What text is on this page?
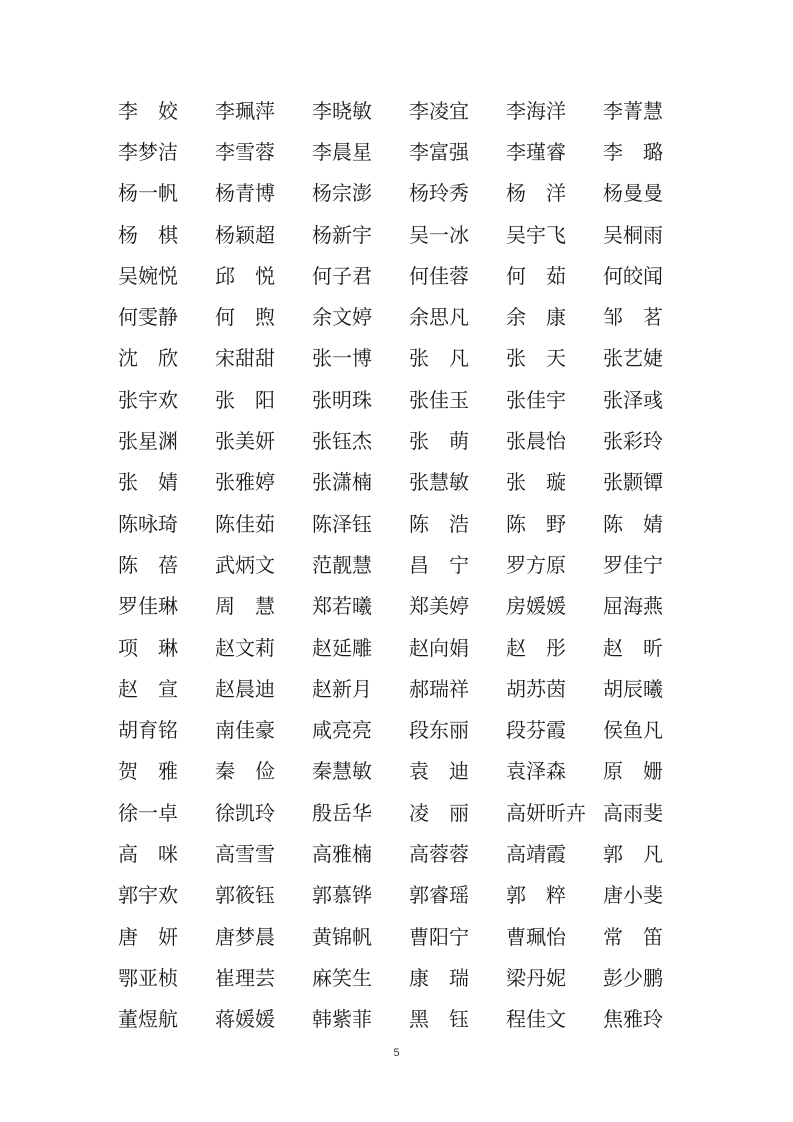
李　姣	李珮萍	李晓敏	李凌宜	李海洋	李菁慧
李梦洁	李雪蓉	李晨星	李富强	李瑾睿	李　璐
杨一帆	杨青博	杨宗澎	杨玲秀	杨　洋	杨曼曼
杨　棋	杨颖超	杨新宇	吴一冰	吴宇飞	吴桐雨
吴婉悦	邱　悦	何子君	何佳蓉	何　茹	何皎闻
何雯静	何　煦	余文婷	余思凡	余　康	邹　茗
沈　欣	宋甜甜	张一博	张　凡	张　天	张艺婕
张宇欢	张　阳	张明珠	张佳玉	张佳宇	张泽彧
张星渊	张美妍	张钰杰	张　萌	张晨怡	张彩玲
张　婧	张雅婷	张潇楠	张慧敏	张　璇	张颢镡
陈咏琦	陈佳茹	陈泽钰	陈　浩	陈　野	陈　婧
陈　蓓	武炳文	范靓慧	昌　宁	罗方原	罗佳宁
罗佳琳	周　慧	郑若曦	郑美婷	房媛媛	屈海燕
项　琳	赵文莉	赵延雕	赵向娟	赵　彤	赵　昕
赵　宣	赵晨迪	赵新月	郝瑞祥	胡苏茵	胡辰曦
胡育铭	南佳豪	咸亮亮	段东丽	段芬霞	侯鱼凡
贺　雅	秦　俭	秦慧敏	袁　迪	袁泽森	原　姗
徐一卓	徐凯玲	殷岳华	凌　丽	高妍昕卉 高雨斐
高　咪	高雪雪	高雅楠	高蓉蓉	高靖霞	郭　凡
郭宇欢	郭筱钰	郭慕铧	郭睿瑶	郭　粹	唐小斐
唐　妍	唐梦晨	黄锦帆	曹阳宁	曹珮怡	常　笛
鄂亚桢	崔理芸	麻笑生	康　瑞	梁丹妮	彭少鹏
董煜航	蒋媛媛	韩紫菲	黑　钰	程佳文	焦雅玲
5
